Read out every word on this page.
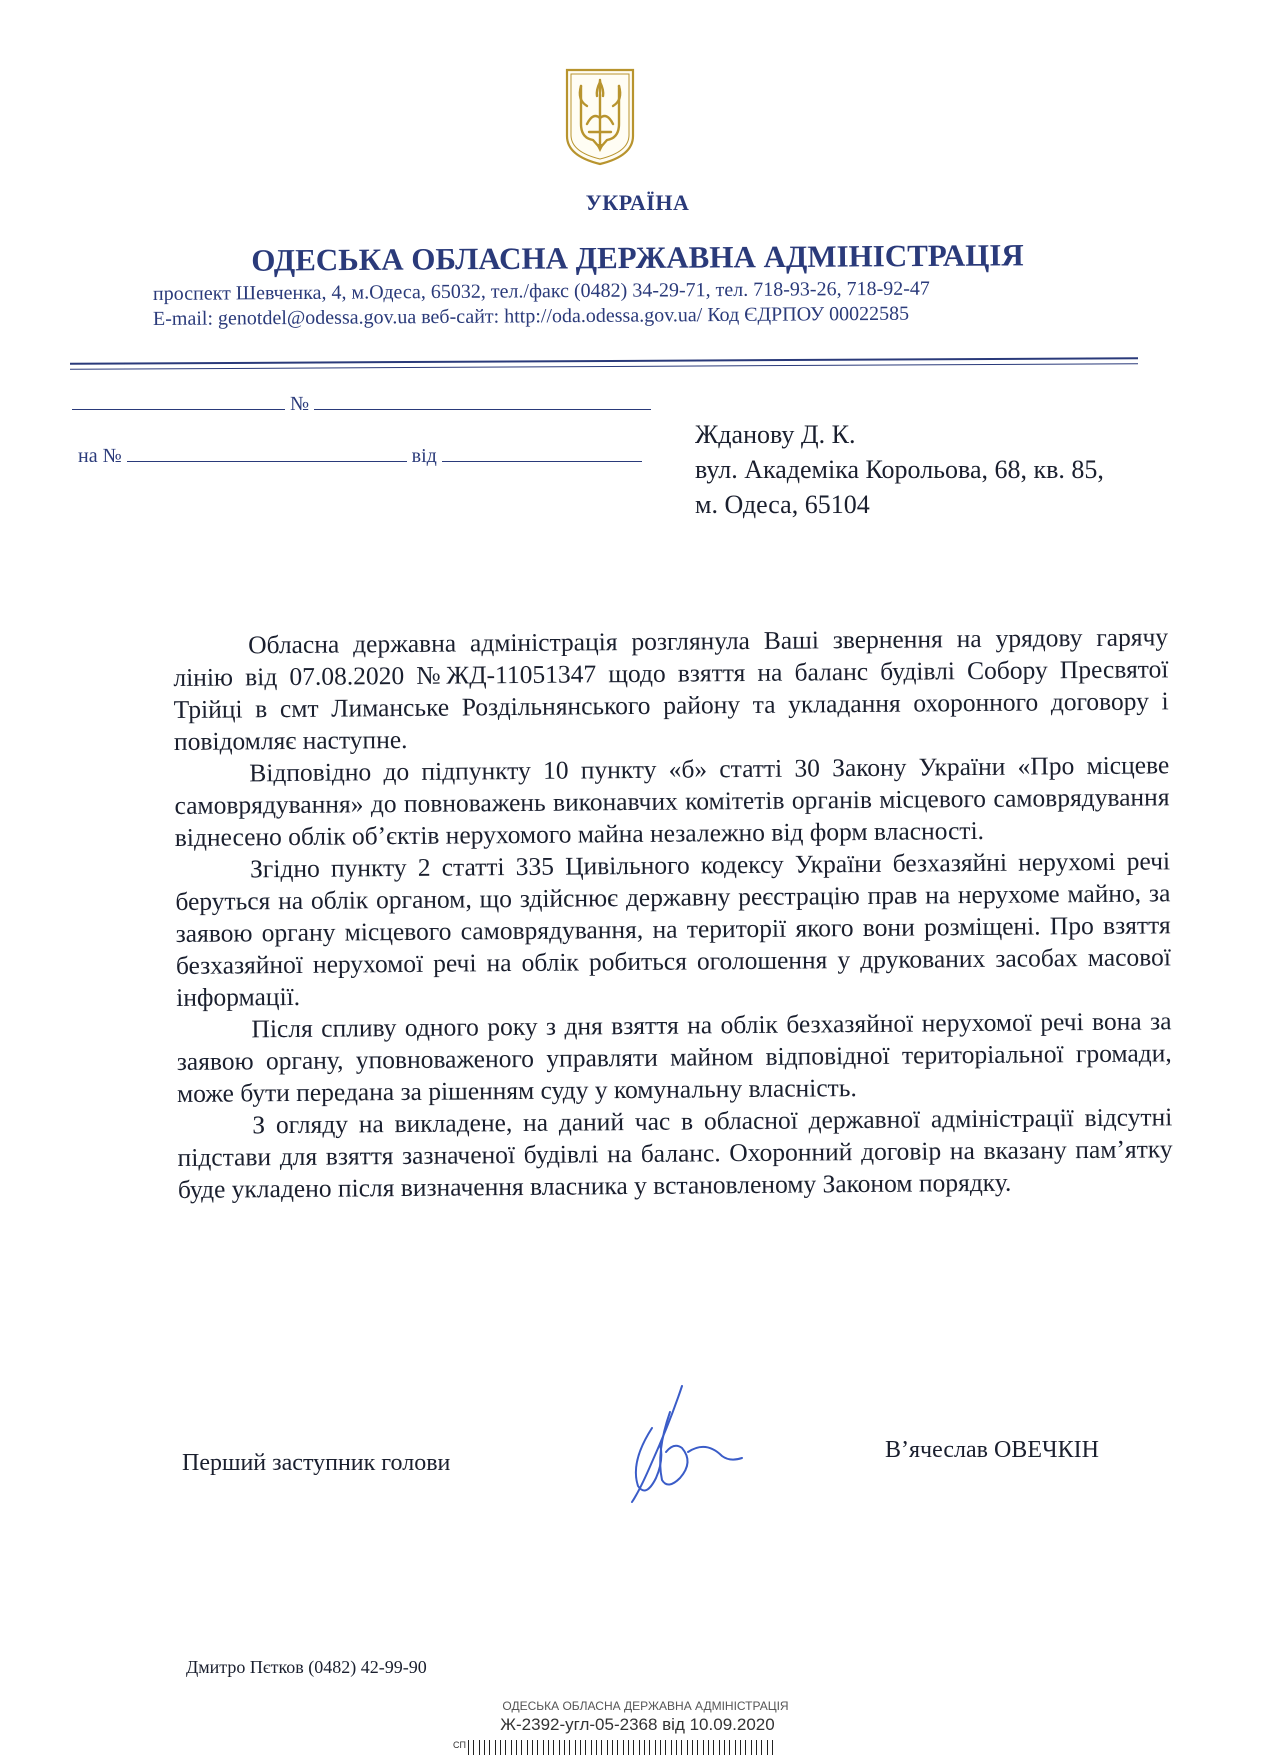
УКРАЇНА
ОДЕСЬКА ОБЛАСНА ДЕРЖАВНА АДМІНІСТРАЦІЯ
проспект Шевченка, 4, м.Одеса, 65032, тел./факс (0482) 34-29-71, тел. 718-93-26, 718-92-47
E-mail: genotdel@odessa.gov.ua веб-сайт: http://oda.odessa.gov.ua/ Код ЄДРПОУ 00022585
№
на №	від
Жданову Д. К.
вул. Академіка Корольова, 68, кв. 85,
м. Одеса, 65104

Обласна державна адміністрація розглянула Ваші звернення на урядову гарячу лінію від 07.08.2020 №ЖД-11051347 щодо взяття на баланс будівлі Собору Пресвятої Трійці в смт Лиманське Роздільнянського району та укладання охоронного договору і повідомляє наступне.

Відповідно до підпункту 10 пункту «б» статті 30 Закону України «Про місцеве самоврядування» до повноважень виконавчих комітетів органів місцевого самоврядування віднесено облік об’єктів нерухомого майна незалежно від форм власності.

Згідно пункту 2 статті 335 Цивільного кодексу України безхазяйні нерухомі речі беруться на облік органом, що здійснює державну реєстрацію прав на нерухоме майно, за заявою органу місцевого самоврядування, на території якого вони розміщені. Про взяття безхазяйної нерухомої речі на облік робиться оголошення у друкованих засобах масової інформації.

Після спливу одного року з дня взяття на облік безхазяйної нерухомої речі вона за заявою органу, уповноваженого управляти майном відповідної територіальної громади, може бути передана за рішенням суду у комунальну власність.

З огляду на викладене, на даний час в обласної державної адміністрації відсутні підстави для взяття зазначеної будівлі на баланс. Охоронний договір на вказану пам’ятку буде укладено після визначення власника у встановленому Законом порядку.

Перший заступник голови	В’ячеслав ОВЕЧКІН
Дмитро Пєтков (0482) 42-99-90
ОДЕСЬКА ОБЛАСНА ДЕРЖАВНА АДМІНІСТРАЦІЯ
Ж-2392-угл-05-2368 від 10.09.2020
СП
